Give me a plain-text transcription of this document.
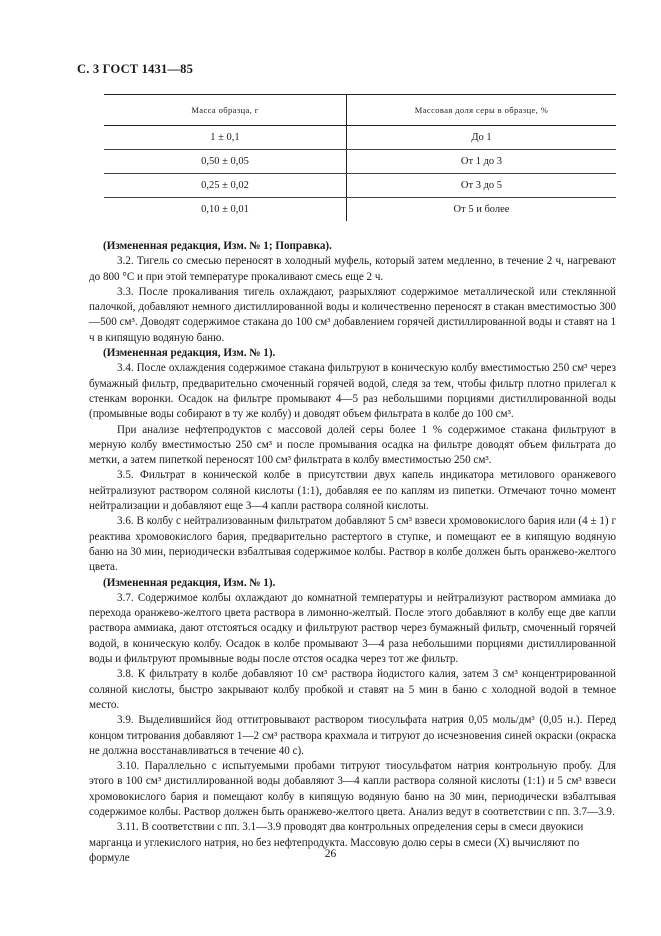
С. 3 ГОСТ 1431—85
Масса образца, г	Массовая доля серы в образце, %
1 ± 0,1	До 1
0,50 ± 0,05	От 1 до 3
0,25 ± 0,02	От 3 до 5
0,10 ± 0,01	От 5 и более

(Измененная редакция, Изм. № 1; Поправка).

3.2. Тигель со смесью переносят в холодный муфель, который затем медленно, в течение 2 ч, нагревают до 800 °С и при этой температуре прокаливают смесь еще 2 ч.

3.3. После прокаливания тигель охлаждают, разрыхляют содержимое металлической или стеклянной палочкой, добавляют немного дистиллированной воды и количественно переносят в стакан вместимостью 300—500 см³. Доводят содержимое стакана до 100 см³ добавлением горячей дистиллированной воды и ставят на 1 ч в кипящую водяную баню.

(Измененная редакция, Изм. № 1).

3.4. После охлаждения содержимое стакана фильтруют в коническую колбу вместимостью 250 см³ через бумажный фильтр, предварительно смоченный горячей водой, следя за тем, чтобы фильтр плотно прилегал к стенкам воронки. Осадок на фильтре промывают 4—5 раз небольшими порциями дистиллированной воды (промывные воды собирают в ту же колбу) и доводят объем фильтрата в колбе до 100 см³.

При анализе нефтепродуктов с массовой долей серы более 1 % содержимое стакана фильтруют в мерную колбу вместимостью 250 см³ и после промывания осадка на фильтре доводят объем фильтрата до метки, а затем пипеткой переносят 100 см³ фильтрата в колбу вместимостью 250 см³.

3.5. Фильтрат в конической колбе в присутствии двух капель индикатора метилового оранжевого нейтрализуют раствором соляной кислоты (1:1), добавляя ее по каплям из пипетки. Отмечают точно момент нейтрализации и добавляют еще 3—4 капли раствора соляной кислоты.

3.6. В колбу с нейтрализованным фильтратом добавляют 5 см³ взвеси хромовокислого бария или (4 ± 1) г реактива хромовокислого бария, предварительно растертого в ступке, и помещают ее в кипящую водяную баню на 30 мин, периодически взбалтывая содержимое колбы. Раствор в колбе должен быть оранжево-желтого цвета.

(Измененная редакция, Изм. № 1).

3.7. Содержимое колбы охлаждают до комнатной температуры и нейтрализуют раствором аммиака до перехода оранжево-желтого цвета раствора в лимонно-желтый. После этого добавляют в колбу еще две капли раствора аммиака, дают отстояться осадку и фильтруют раствор через бумажный фильтр, смоченный горячей водой, в коническую колбу. Осадок в колбе промывают 3—4 раза небольшими порциями дистиллированной воды и фильтруют промывные воды после отстоя осадка через тот же фильтр.

3.8. К фильтрату в колбе добавляют 10 см³ раствора йодистого калия, затем 3 см³ концентрированной соляной кислоты, быстро закрывают колбу пробкой и ставят на 5 мин в баню с холодной водой в темное место.

3.9. Выделившийся йод оттитровывают раствором тиосульфата натрия 0,05 моль/дм³ (0,05 н.). Перед концом титрования добавляют 1—2 см³ раствора крахмала и титруют до исчезновения синей окраски (окраска не должна восстанавливаться в течение 40 с).

3.10. Параллельно с испытуемыми пробами титруют тиосульфатом натрия контрольную пробу. Для этого в 100 см³ дистиллированной воды добавляют 3—4 капли раствора соляной кислоты (1:1) и 5 см³ взвеси хромовокислого бария и помещают колбу в кипящую водяную баню на 30 мин, периодически взбалтывая содержимое колбы. Раствор должен быть оранжево-желтого цвета. Анализ ведут в соответствии с пп. 3.7—3.9.

3.11. В соответствии с пп. 3.1—3.9 проводят два контрольных определения серы в смеси двуокиси марганца и углекислого натрия, но без нефтепродукта. Массовую долю серы в смеси (X) вычисляют по формуле	26
